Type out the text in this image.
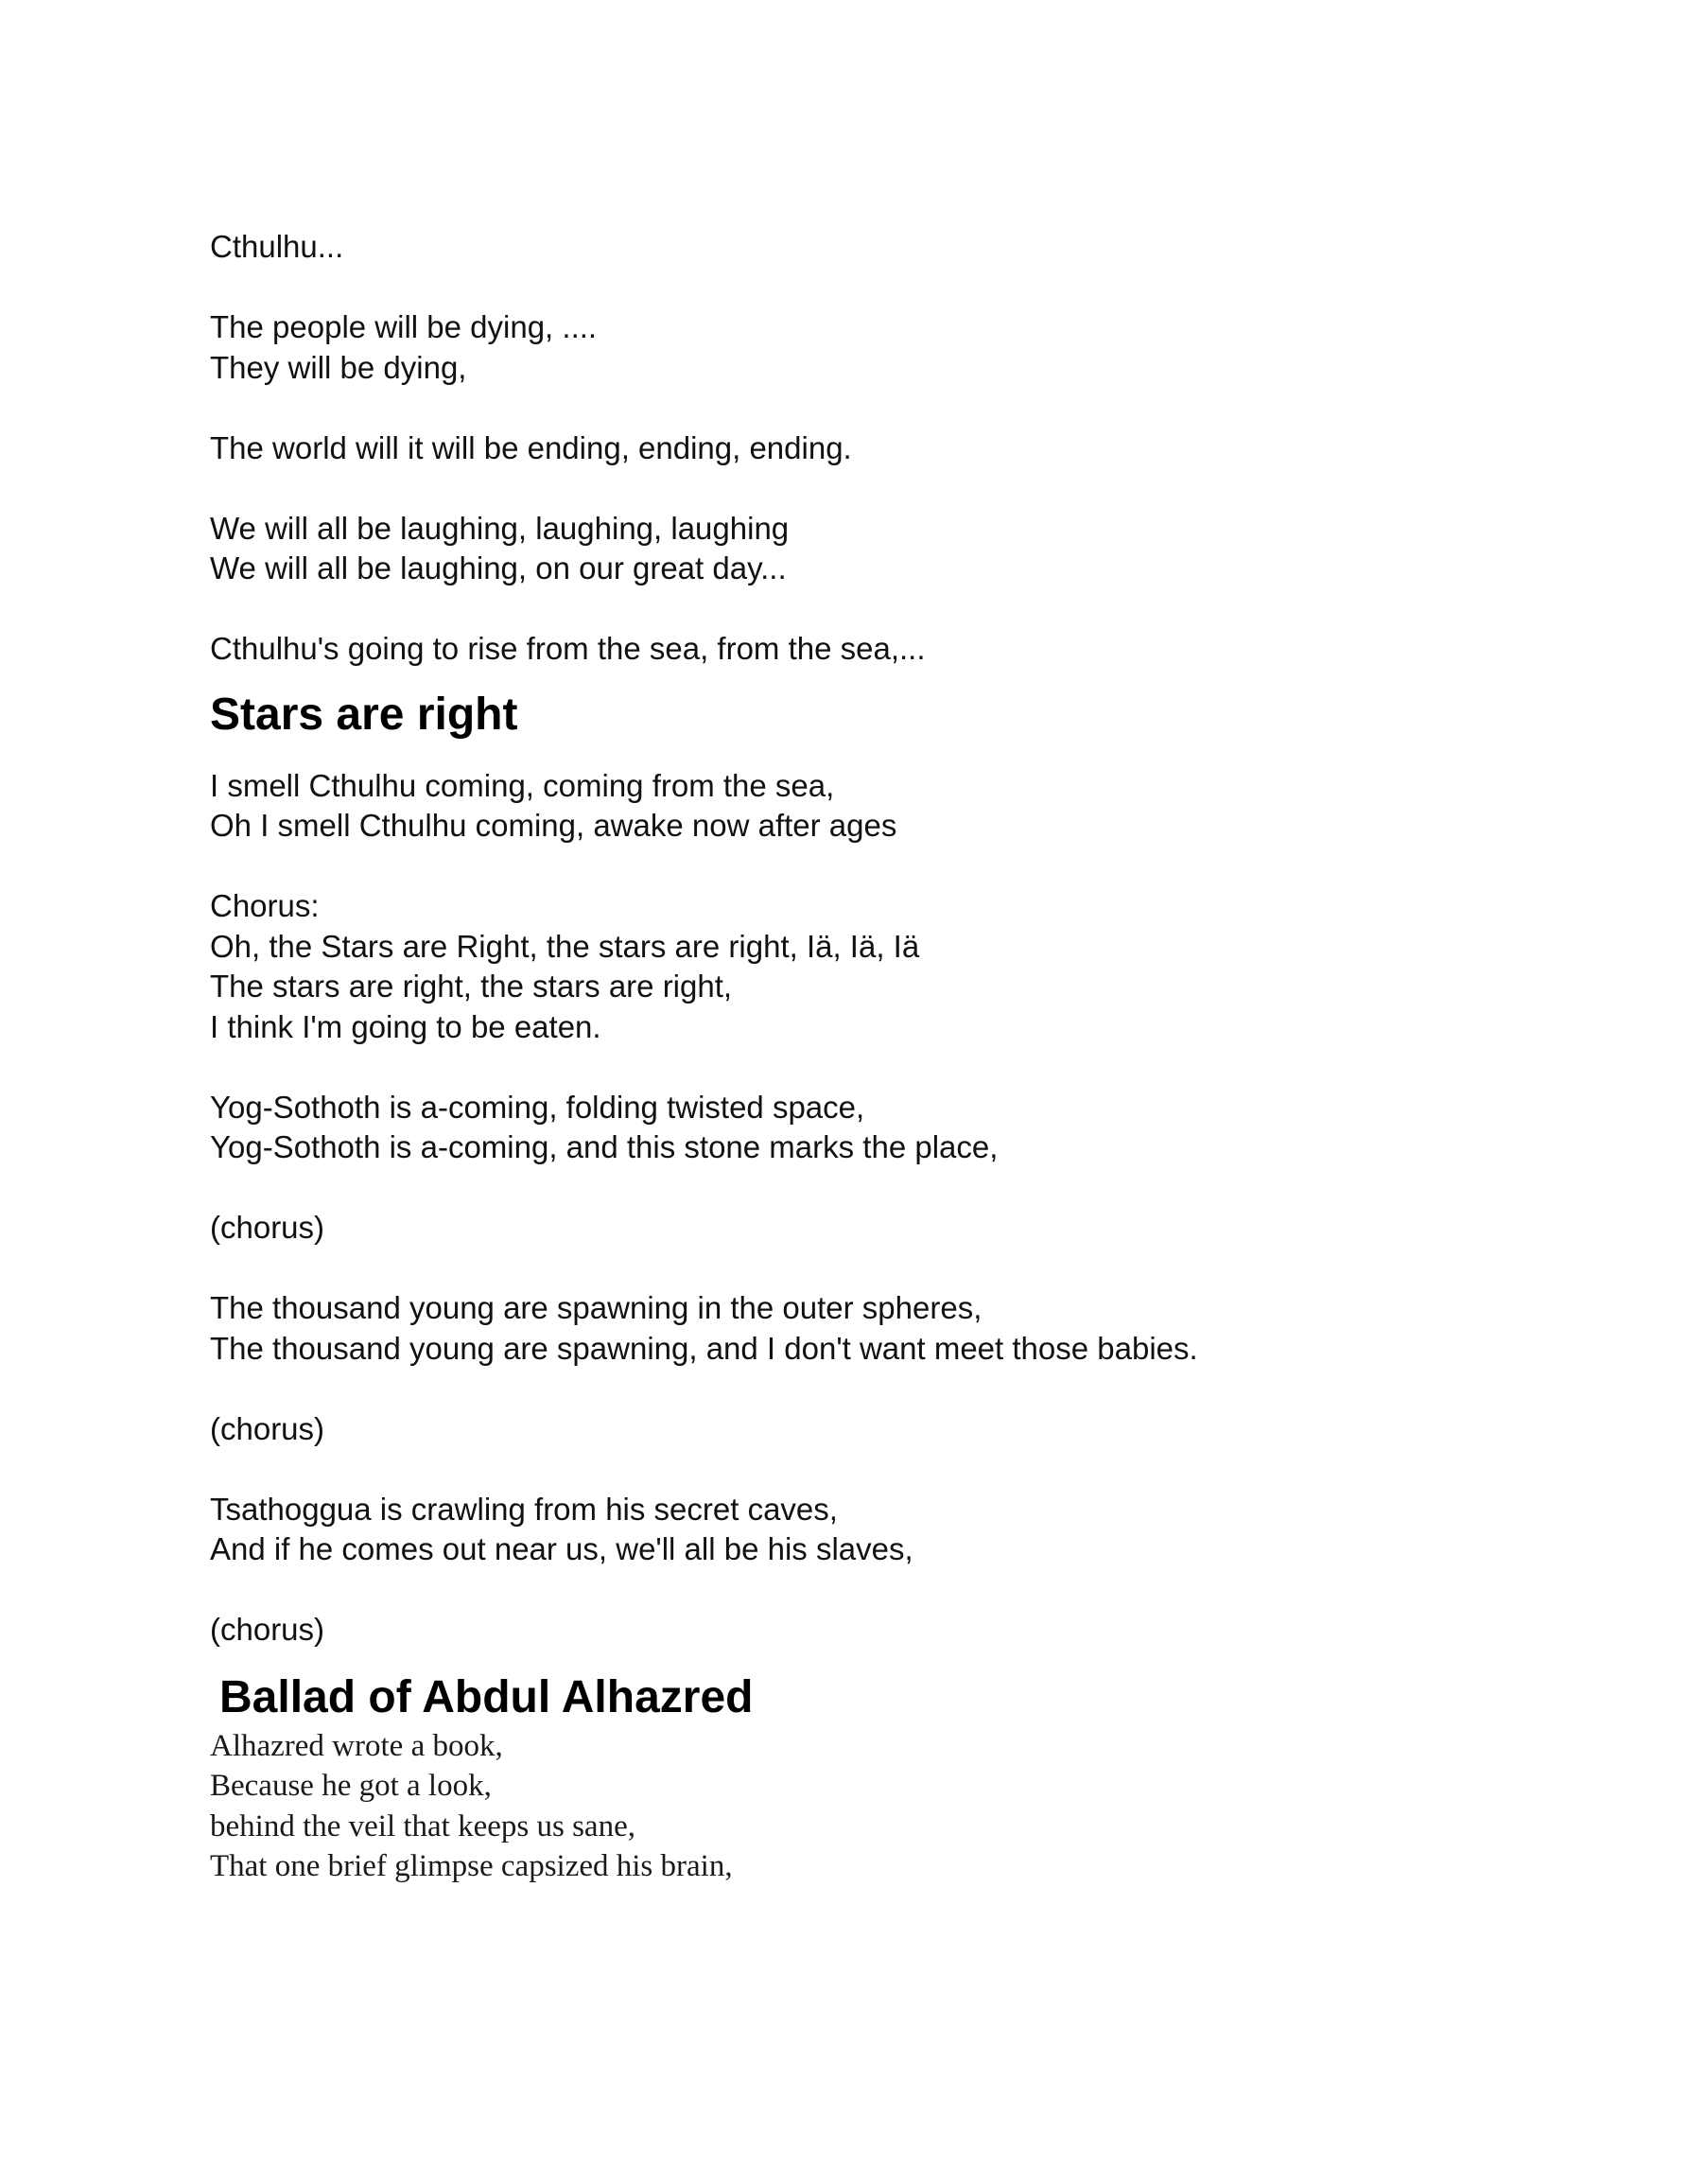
Cthulhu...
The people will be dying, ....
They will be dying,
The world will it will be ending, ending, ending.
We will all be laughing, laughing, laughing
We will all be laughing, on our great day...
Cthulhu's going to rise from the sea, from the sea,...
Stars are right
I smell Cthulhu coming, coming from the sea,
Oh I smell Cthulhu coming, awake now after ages
Chorus:
Oh, the Stars are Right, the stars are right, Iä, Iä, Iä
The stars are right, the stars are right,
I think I'm going to be eaten.
Yog-Sothoth is a-coming, folding twisted space,
Yog-Sothoth is a-coming, and this stone marks the place,
(chorus)
The thousand young are spawning in the outer spheres,
The thousand young are spawning, and I don't want meet those babies.
(chorus)
Tsathoggua is crawling from his secret caves,
And if he comes out near us, we'll all be his slaves,
(chorus)
Ballad of Abdul Alhazred
Alhazred wrote a book,
Because he got a look,
behind the veil that keeps us sane,
That one brief glimpse capsized his brain,
